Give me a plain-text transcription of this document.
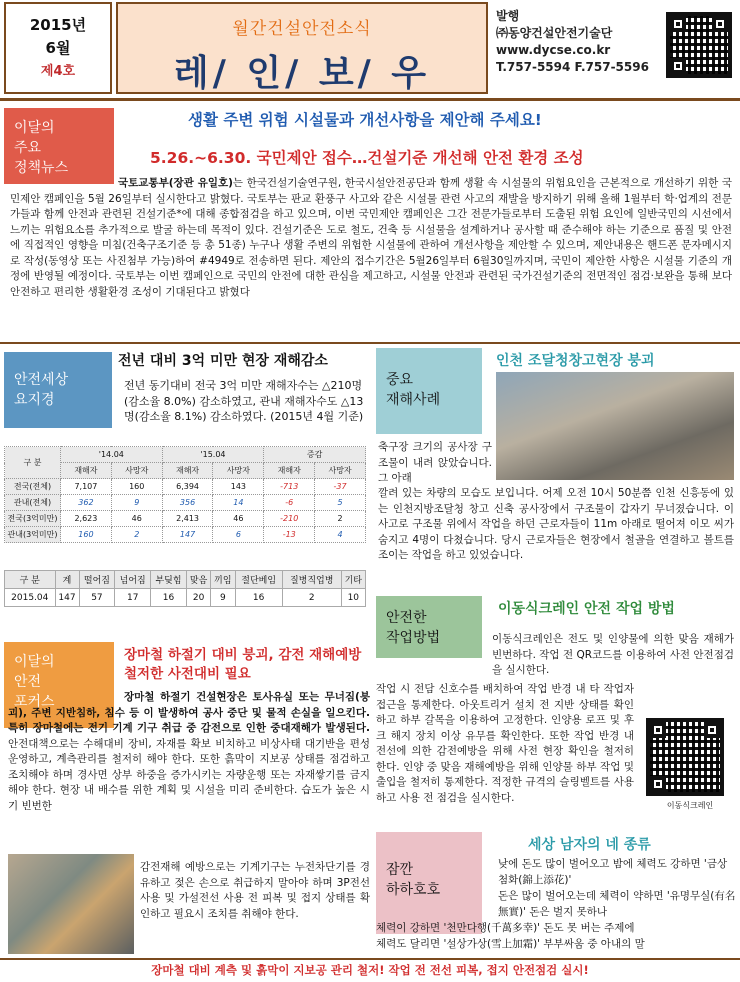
2015년
6월
제4호
월간건설안전소식
레/ 인/ 보/ 우
발행
㈜동양건설안전기술단
www.dycse.co.kr
T.757-5594 F.757-5596
이달의
주요
정책뉴스
생활 주변 위험 시설물과 개선사항을 제안해 주세요!
5.26.~6.30. 국민제안 접수…건설기준 개선해 안전 환경 조성
국토교통부(장관 유일호)는 한국건설기술연구원, 한국시설안전공단과 함께 생활 속 시설물의 위험요인을 근본적으로 개선하기 위한 국민제안 캠페인을 5월 26일부터 실시한다고 밝혔다. 국토부는 판교 환풍구 사고와 같은 시설물 관련 사고의 재발을 방지하기 위해 올해 1월부터 학·업계의 전문가들과 함께 안전과 관련된 건설기준*에 대해 종합점검을 하고 있으며, 이번 국민제안 캠페인은 그간 전문가들로부터 도출된 위험 요인에 일반국민의 시선에서 느끼는 위험요소를 추가적으로 발굴 하는데 목적이 있다. 건설기준은 도로 철도, 건축 등 시설물을 설계하거나 공사할 때 준수해야 하는 기준으로 품질 및 안전에 직접적인 영향을 미침(건축구조기준 등 총 51종) 누구나 생활 주변의 위험한 시설물에 관하여 개선사항을 제안할 수 있으며, 제안내용은 핸드폰 문자메시지로 작성(동영상 또는 사진첨부 가능)하여 #4949로 전송하면 된다. 제안의 접수기간은 5월26일부터 6월30일까지며, 국민이 제안한 사항은 시설물 기준의 개정에 반영될 예정이다. 국토부는 이번 캠페인으로 국민의 안전에 대한 관심을 제고하고, 시설물 안전과 관련된 국가건설기준의 전면적인 점검·보완을 통해 보다 안전하고 편리한 생활환경 조성이 기대된다고 밝혔다
안전세상
요지경
전년 대비 3억 미만 현장 재해감소
전년 동기대비 전국 3억 미만 재해자수는 △210명(감소율 8.0%) 감소하였고, 관내 재해자수도 △13명(감소율 8.1%) 감소하였다. (2015년 4월 기준)
구 분	'14.04		'15.04		증감	
	재해자	사망자	재해자	사망자	재해자	사망자
전국(전체)	7,107	160	6,394	143	-713	-37
관내(전체)	362	9	356	14	-6	5
전국(3억미만)	2,623	46	2,413	46	-210	2
관내(3억미만)	160	2	147	6	-13	4
구 분	계	떨어짐	넘어짐	부딪힘	맞음	끼임	절단베임	질병직업병	기타
2015.04	147	57	17	16	20	9	16	2	10
중요
재해사례
인천 조달청창고현장 붕괴
축구장 크기의 공사장 구조물이 내려 앉았습니다. 그 아래
깔려 있는 차량의 모습도 보입니다. 어제 오전 10시 50분쯤 인천 신흥동에 있는 인천지방조달청 창고 신축 공사장에서 구조물이 갑자기 무너졌습니다. 이 사고로 구조물 위에서 작업을 하던 근로자들이 11m 아래로 떨어져 이모 씨가 숨지고 4명이 다쳤습니다. 당시 근로자들은 현장에서 철골을 연결하고 볼트를 조이는 작업을 하고 있었습니다.
이달의
안전
포커스
장마철 하절기 대비 붕괴, 감전 재해예방 철저한 사전대비 필요
장마철 하절기 건설현장은 토사유실 또는 무너짐(붕괴), 주변 지반침하, 침수 등 이 발생하여 공사 중단 및 물적 손실을 일으킨다. 특히 장마철에는 전기 기계 기구 취급 중 감전으로 인한 중대재해가 발생된다. 안전대책으로는 수해대비 장비, 자재를 확보 비치하고 비상사태 대기반을 편성 운영하고, 계측관리를 철저히 해야 한다. 또한 흙막이 지보공 상태를 점검하고 조치해야 하며 경사면 상부 하중을 증가시키는 자량운행 또는 자재쌓기를 금지해야 한다. 현장 내 배수를 위한 계획 및 시설을 미리 준비한다. 습도가 높은 시기 빈번한
감전재해 예방으로는 기계기구는 누전차단기를 경유하고 젖은 손으로 취급하지 말아야 하며 3P전선 사용 및 가설전선 사용 전 피복 및 접지 상태를 확인하고 필요시 조치를 취해야 한다.
안전한
작업방법
이동식크레인 안전 작업 방법
이동식크레인은 전도 및 인양물에 의한 맞음 재해가 빈번하다. 작업 전 QR코드를 이용하여 사전 안전점검을 실시한다.
작업 시 전담 신호수를 배치하여 작업 반경 내 타 작업자 접근을 통제한다. 아웃트리거 설치 전 지반 상태를 확인하고 하부 갈목을 이용하여 고정한다. 인양용 로프 및 후크 해지 장치 이상 유무를 확인한다. 또한 작업 반경 내 전선에 의한 감전예방을 위해 사전 현장 확인을 철저히 한다. 인양 중 맞음 재해예방을 위해 인양물 하부 작업 및 출입을 철저히 통제한다. 적정한 규격의 슬링벨트를 사용하고 사용 전 점검을 실시한다.
이동식크레인
잠깐
하하호호
세상 남자의 네 종류
낮에 돈도 많이 벌어오고 밤에 체력도 강하면 '금상첨화(錦上添花)'
돈은 많이 벌어오는데 체력이 약하면 '유명무실(有名無實)' 돈은 벌지 못하나
체력이 강하면 '천만다행(千萬多幸)' 돈도 못 버는 주제에
체력도 달리면 '설상가상(雪上加霜)' 부부싸움 중 아내의 말
장마철 대비 계측 및 흙막이 지보공 관리 철저! 작업 전 전선 피복, 접지 안전점검 실시!
